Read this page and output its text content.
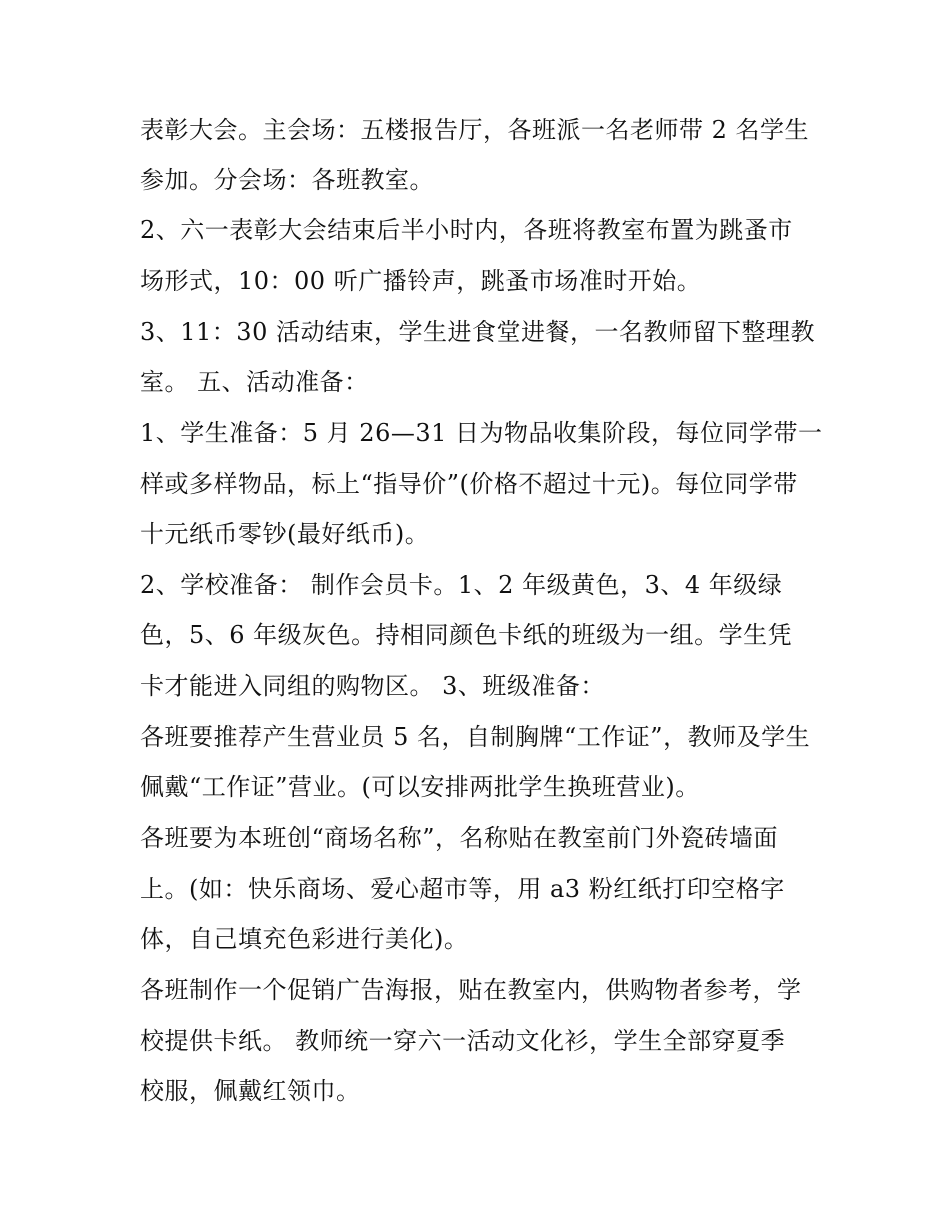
表彰大会。主会场：五楼报告厅，各班派一名老师带 2 名学生
参加。分会场：各班教室。
2、六一表彰大会结束后半小时内，各班将教室布置为跳蚤市
场形式，10：00 听广播铃声，跳蚤市场准时开始。
3、11：30 活动结束，学生进食堂进餐，一名教师留下整理教
室。 五、活动准备：
1、学生准备：5 月 26—31 日为物品收集阶段，每位同学带一
样或多样物品，标上“指导价”(价格不超过十元)。每位同学带
十元纸币零钞(最好纸币)。
2、学校准备： 制作会员卡。1、2 年级黄色，3、4 年级绿
色，5、6 年级灰色。持相同颜色卡纸的班级为一组。学生凭
卡才能进入同组的购物区。 3、班级准备：
各班要推荐产生营业员 5 名，自制胸牌“工作证”，教师及学生
佩戴“工作证”营业。(可以安排两批学生换班营业)。
各班要为本班创“商场名称”，名称贴在教室前门外瓷砖墙面
上。(如：快乐商场、爱心超市等，用 a3 粉红纸打印空格字
体，自己填充色彩进行美化)。
各班制作一个促销广告海报，贴在教室内，供购物者参考，学
校提供卡纸。 教师统一穿六一活动文化衫，学生全部穿夏季
校服，佩戴红领巾。
